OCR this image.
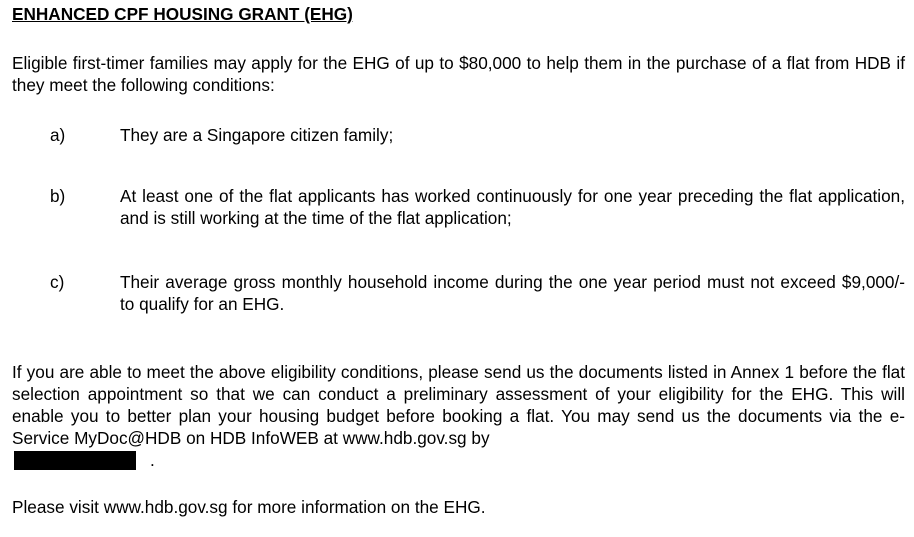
ENHANCED CPF HOUSING GRANT (EHG)
Eligible first-timer families may apply for the EHG of up to $80,000 to help them in the purchase of a flat from HDB if they meet the following conditions:
a)	They are a Singapore citizen family;
b)	At least one of the flat applicants has worked continuously for one year preceding the flat application, and is still working at the time of the flat application;
c)	Their average gross monthly household income during the one year period must not exceed $9,000/- to qualify for an EHG.
If you are able to meet the above eligibility conditions, please send us the documents listed in Annex 1 before the flat selection appointment so that we can conduct a preliminary assessment of your eligibility for the EHG. This will enable you to better plan your housing budget before booking a flat. You may send us the documents via the e-Service MyDoc@HDB on HDB InfoWEB at www.hdb.gov.sg by
.
Please visit www.hdb.gov.sg for more information on the EHG.
